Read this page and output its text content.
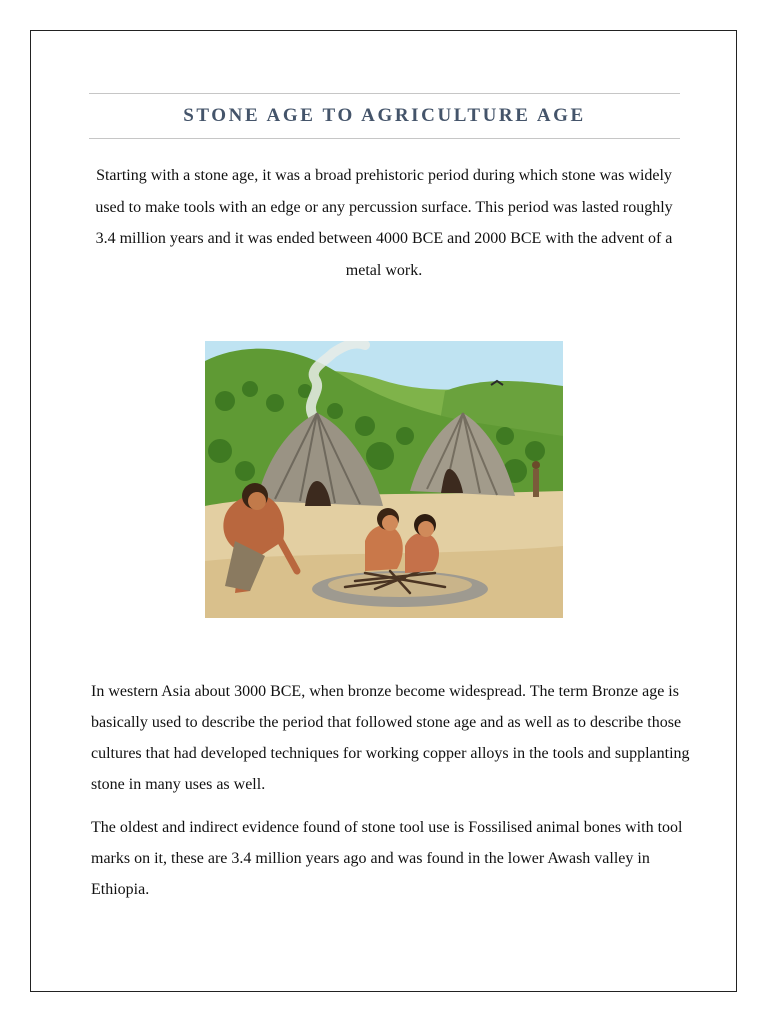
STONE AGE TO AGRICULTURE AGE

Starting with a stone age, it was a broad prehistoric period during which stone was widely used to make tools with an edge or any percussion surface. This period was lasted roughly 3.4 million years and it was ended between 4000 BCE and 2000 BCE with the advent of a metal work.

In western Asia about 3000 BCE, when bronze become widespread. The term Bronze age is basically used to describe the period that followed stone age and as well as to describe those cultures that had developed techniques for working copper alloys in the tools and supplanting stone in many uses as well.

The oldest and indirect evidence found of stone tool use is Fossilised animal bones with tool marks on it, these are 3.4 million years ago and was found in the lower Awash valley in Ethiopia.
